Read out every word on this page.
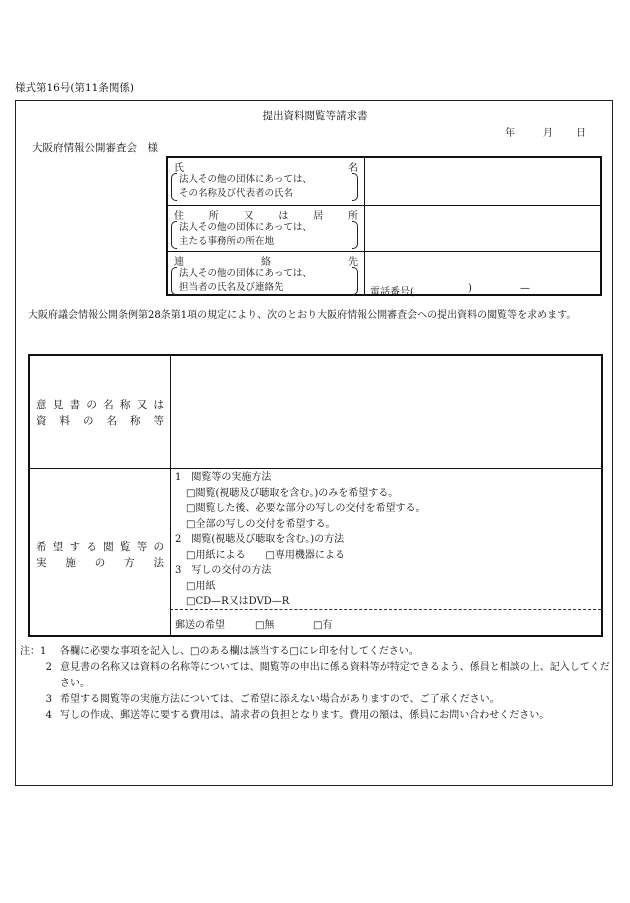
様式第16号(第11条関係)
提出資料閲覧等請求書
年	月 日
大阪府情報公開審査会　様
氏	名
法人その他の団体にあっては、
その名称及び代表者の氏名
住 所 又 は 居 所
法人その他の団体にあっては、
主たる事務所の所在地
連	絡	先
法人その他の団体にあっては、
担当者の氏名及び連絡先	電話番号(	)	—
大阪府議会情報公開条例第28条第1項の規定により、次のとおり大阪府情報公開審査会への提出資料の閲覧等を求めます。
意 見 書 の 名 称 又 は
資 料 の 名 称 等
希 望 す る 閲 覧 等 の
実 施 の 方 法
1　閲覧等の実施方法
□閲覧(視聴及び聴取を含む。)のみを希望する。
□閲覧した後、必要な部分の写しの交付を希望する。
□全部の写しの交付を希望する。
2　閲覧(視聴及び聴取を含む。)の方法
□用紙による　　□専用機器による
3　写しの交付の方法
□用紙
□CD—R又はDVD—R
郵送の希望	□無	□有
注：1	各欄に必要な事項を記入し、□のある欄は該当する□にレ印を付してください。
2 意見書の名称又は資料の名称等については、閲覧等の申出に係る資料等が特定できるよう、係員と相談の上、記入してください。
3 希望する閲覧等の実施方法については、ご希望に添えない場合がありますので、ご了承ください。
4 写しの作成、郵送等に要する費用は、請求者の負担となります。費用の額は、係員にお問い合わせください。
